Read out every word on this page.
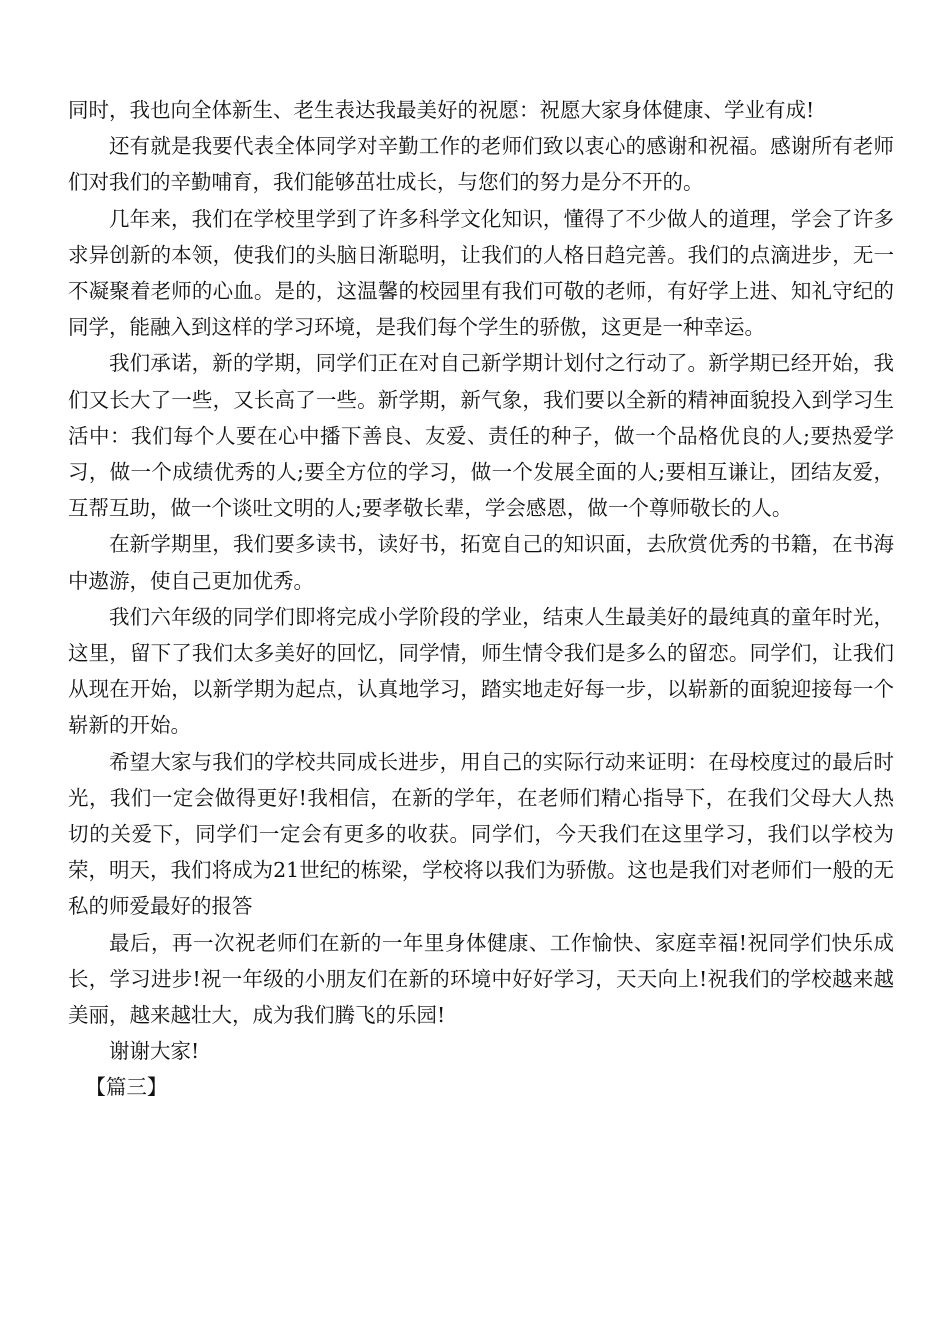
同时，我也向全体新生、老生表达我最美好的祝愿：祝愿大家身体健康、学业有成!

还有就是我要代表全体同学对辛勤工作的老师们致以衷心的感谢和祝福。感谢所有老师们对我们的辛勤哺育，我们能够茁壮成长，与您们的努力是分不开的。

几年来，我们在学校里学到了许多科学文化知识，懂得了不少做人的道理，学会了许多求异创新的本领，使我们的头脑日渐聪明，让我们的人格日趋完善。我们的点滴进步，无一不凝聚着老师的心血。是的，这温馨的校园里有我们可敬的老师，有好学上进、知礼守纪的同学，能融入到这样的学习环境，是我们每个学生的骄傲，这更是一种幸运。

我们承诺，新的学期，同学们正在对自己新学期计划付之行动了。新学期已经开始，我们又长大了一些，又长高了一些。新学期，新气象，我们要以全新的精神面貌投入到学习生活中：我们每个人要在心中播下善良、友爱、责任的种子，做一个品格优良的人;要热爱学习，做一个成绩优秀的人;要全方位的学习，做一个发展全面的人;要相互谦让，团结友爱，互帮互助，做一个谈吐文明的人;要孝敬长辈，学会感恩，做一个尊师敬长的人。

在新学期里，我们要多读书，读好书，拓宽自己的知识面，去欣赏优秀的书籍，在书海中遨游，使自己更加优秀。

我们六年级的同学们即将完成小学阶段的学业，结束人生最美好的最纯真的童年时光，这里，留下了我们太多美好的回忆，同学情，师生情令我们是多么的留恋。同学们，让我们从现在开始，以新学期为起点，认真地学习，踏实地走好每一步，以崭新的面貌迎接每一个崭新的开始。

希望大家与我们的学校共同成长进步，用自己的实际行动来证明：在母校度过的最后时光，我们一定会做得更好!我相信，在新的学年，在老师们精心指导下，在我们父母大人热切的关爱下，同学们一定会有更多的收获。同学们，今天我们在这里学习，我们以学校为荣，明天，我们将成为21世纪的栋梁，学校将以我们为骄傲。这也是我们对老师们一般的无私的师爱最好的报答

最后，再一次祝老师们在新的一年里身体健康、工作愉快、家庭幸福!祝同学们快乐成长，学习进步!祝一年级的小朋友们在新的环境中好好学习，天天向上!祝我们的学校越来越美丽，越来越壮大，成为我们腾飞的乐园!

谢谢大家!

【篇三】
